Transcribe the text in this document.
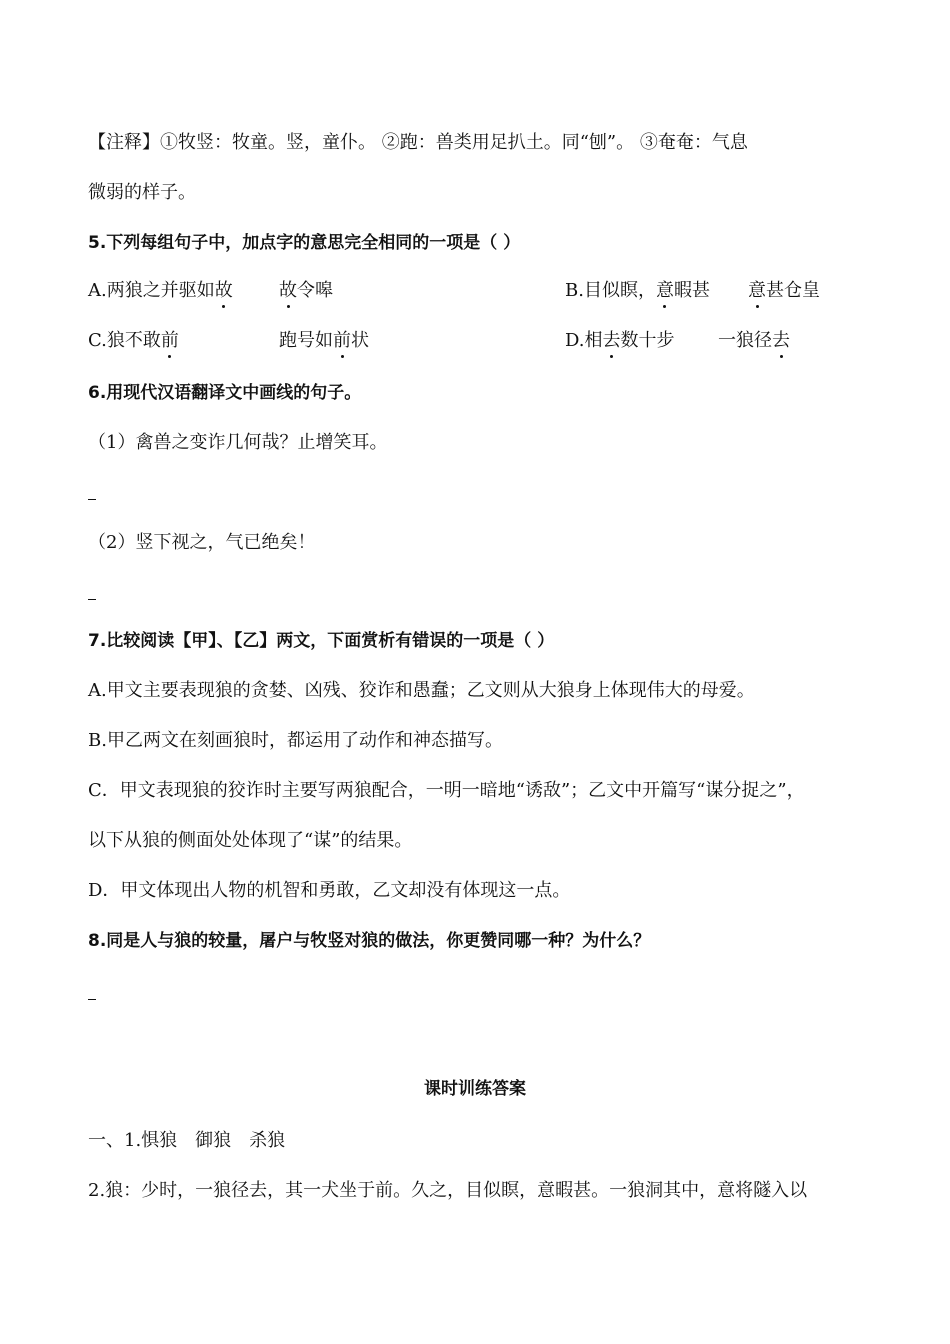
【注释】①牧竖：牧童。竖，童仆。 ②跑：兽类用足扒土。同“刨”。 ③奄奄：气息
微弱的样子。
5.下列每组句子中，加点字的意思完全相同的一项是（ ）
A.两狼之并驱如故	故令嗥	B.目似瞑，意暇甚 意甚仓皇
C.狼不敢前	跑号如前状	D.相去数十步 一狼径去
6.用现代汉语翻译文中画线的句子。
（1）禽兽之变诈几何哉？止增笑耳。
（2）竖下视之，气已绝矣！
7.比较阅读【甲】、【乙】两文，下面赏析有错误的一项是（ ）
A.甲文主要表现狼的贪婪、凶残、狡诈和愚蠢；乙文则从大狼身上体现伟大的母爱。
B.甲乙两文在刻画狼时，都运用了动作和神态描写。
C．甲文表现狼的狡诈时主要写两狼配合，一明一暗地“诱敌”；乙文中开篇写“谋分捉之”，
以下从狼的侧面处处体现了“谋”的结果。
D．甲文体现出人物的机智和勇敢，乙文却没有体现这一点。
8.同是人与狼的较量，屠户与牧竖对狼的做法，你更赞同哪一种？为什么？
课时训练答案
一、1.惧狼　御狼　杀狼
2.狼：少时，一狼径去，其一犬坐于前。久之，目似瞑，意暇甚。一狼洞其中，意将隧入以
